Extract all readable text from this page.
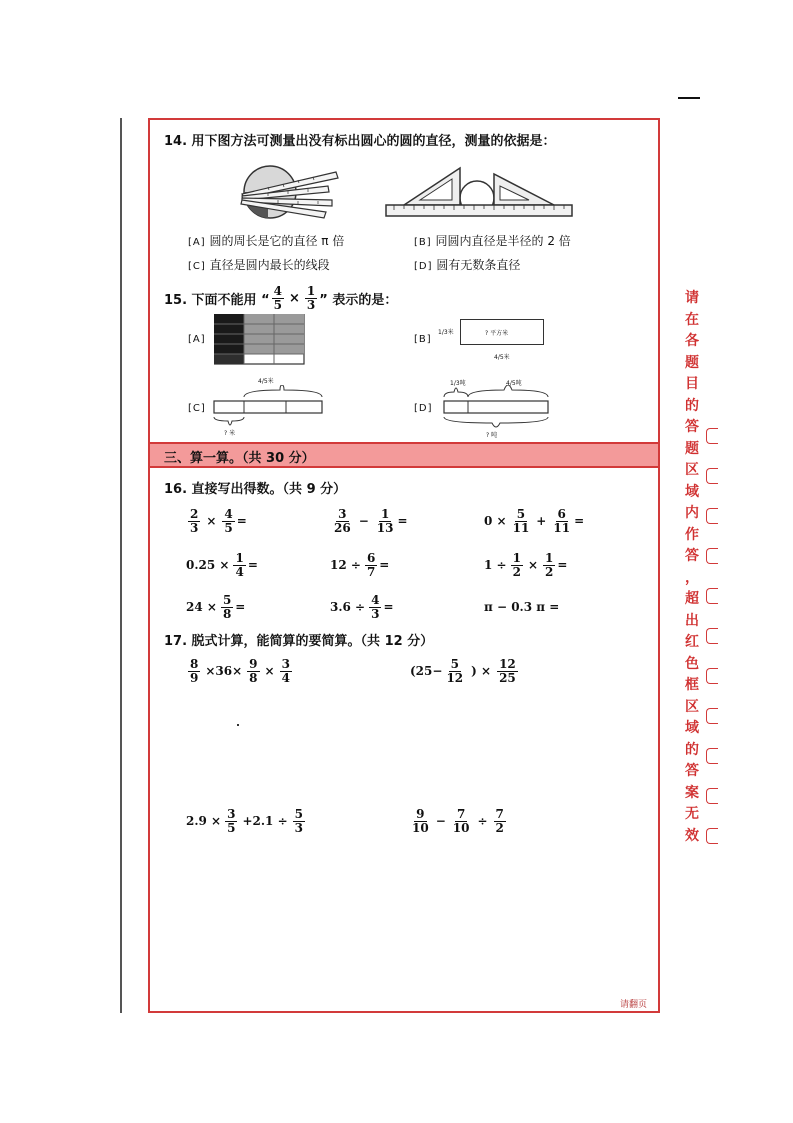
14. 用下图方法可测量出没有标出圆心的圆的直径，测量的依据是：
[A] 圆的周长是它的直径 π 倍	[B] 同圆内直径是半径的 2 倍
[C] 直径是圆内最长的线段	[D] 圆有无数条直径
15. 下面不能用 “ $\frac{4}{5} \times \frac{1}{3}$ ” 表示的是：
[A]	[B]
1/3米	? 平方米
4/5米
[C]
4/5米
? 米
[D]
1/3吨	4/5吨
? 吨
三、算一算。（共 30 分）
16. 直接写出得数。（共 9 分）
$\frac{2}{3} \times \frac{4}{5}$ =	$\frac{3}{26} - \frac{1}{13}$ =	$0 \times \frac{5}{11} + \frac{6}{11}$ =
$0.25 \times \frac{1}{4}$ =	$12 \div \frac{6}{7}$ =	$1 \div \frac{1}{2} \times \frac{1}{2}$ =
$24 \times \frac{5}{8}$ =	$3.6 \div \frac{4}{3}$ =	π − 0.3 π =
17. 脱式计算，能简算的要简算。（共 12 分）
$\frac{8}{9} \times 36\times \frac{9}{8} \times \frac{3}{4}$	($25- \frac{5}{12}$ ) × $\frac{12}{25}$
$2.9 \times \frac{3}{5} +2.1 \div \frac{5}{3}$	$\frac{9}{10} - \frac{7}{10} \div \frac{7}{2}$
请翻页
请
在
各
题
目
的
答
题
区
域
内
作
答
，
超
出
红
色
框
区
域
的
答
案
无
效
